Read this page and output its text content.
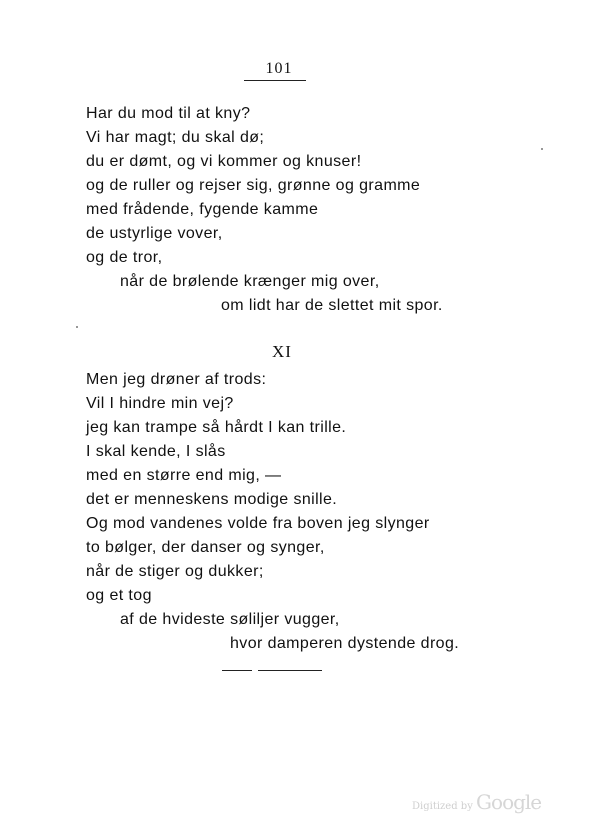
101
Har du mod til at kny?
Vi har magt; du skal dø;
du er dømt, og vi kommer og knuser!
og de ruller og rejser sig, grønne og gramme
med frådende, fygende kamme
de ustyrlige vover,
og de tror,
når de brølende krænger mig over,
om lidt har de slettet mit spor.
XI
Men jeg drøner af trods:
Vil I hindre min vej?
jeg kan trampe så hårdt I kan trille.
I skal kende, I slås
med en større end mig, —
det er menneskens modige snille.
Og mod vandenes volde fra boven jeg slynger
to bølger, der danser og synger,
når de stiger og dukker;
og et tog
af de hvideste søliljer vugger,
hvor damperen dystende drog.
Digitized by Google
